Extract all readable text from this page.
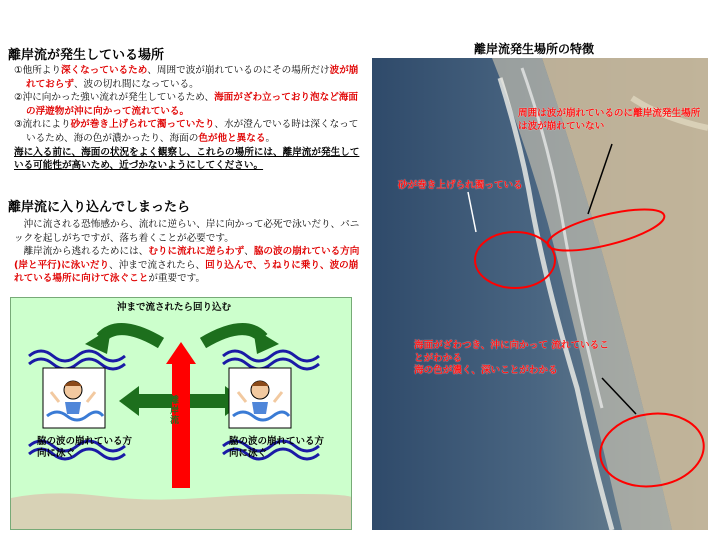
離岸流が発生している場所
①他所より深くなっているため、周囲で波が崩れているのにその場所だけ波が崩れておらず、波の切れ間になっている。
②沖に向かった強い流れが発生しているため、海面がざわ立っており泡など海面の浮遊物が沖に向かって流れている。
③流れにより砂が巻き上げられて濁っていたり、水が澄んでいる時は深くなっているため、海の色が濃かったり、海面の色が他と異なる。
海に入る前に、海面の状況をよく観察し、これらの場所には、離岸流が発生している可能性が高いため、近づかないようにしてください。
離岸流に入り込んでしまったら
　沖に流される恐怖感から、流れに逆らい、岸に向かって必死で泳いだり、パニックを起しがちですが、落ち着くことが必要です。
　離岸流から逃れるためには、むりに流れに逆らわず、脇の波の崩れている方向(岸と平行)に泳いだり、沖まで流されたら、回り込んで、うねりに乗り、波の崩れている場所に向けて泳ぐことが重要です。
沖まで流されたら回り込む
離岸流
脇の波の崩れている方向に泳ぐ
脇の波の崩れている方向に泳ぐ
離岸流発生場所の特徴
周囲は波が崩れているのに離岸流発生場所は波が崩れていない
砂が巻き上げられ濁っている
海面がざわつき、沖に向かって 流れていることがわかる
海の色が濃く、深いことがわかる
